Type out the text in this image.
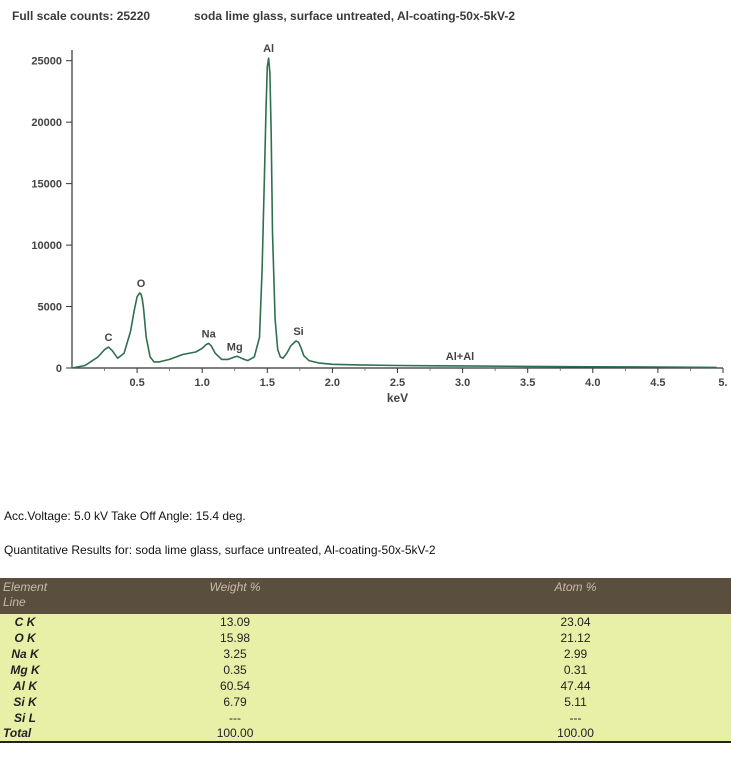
Full scale counts: 25220	soda lime glass, surface untreated, Al-coating-50x-5kV-2
0
5000
10000
15000
20000
25000
0.5	1.0	1.5	2.0	2.5	3.0	3.5	4.0	4.5	5.
keV
C
O
Na
Mg
Al
Si
Al+Al
Acc.Voltage: 5.0 kV Take Off Angle: 15.4 deg.
Quantitative Results for: soda lime glass, surface untreated, Al-coating-50x-5kV-2
Element Line	Weight %	Atom %
C K	13.09	23.04
O K	15.98	21.12
Na K	3.25	2.99
Mg K	0.35	0.31
Al K	60.54	47.44
Si K	6.79	5.11
Si L	---	---
Total	100.00	100.00
